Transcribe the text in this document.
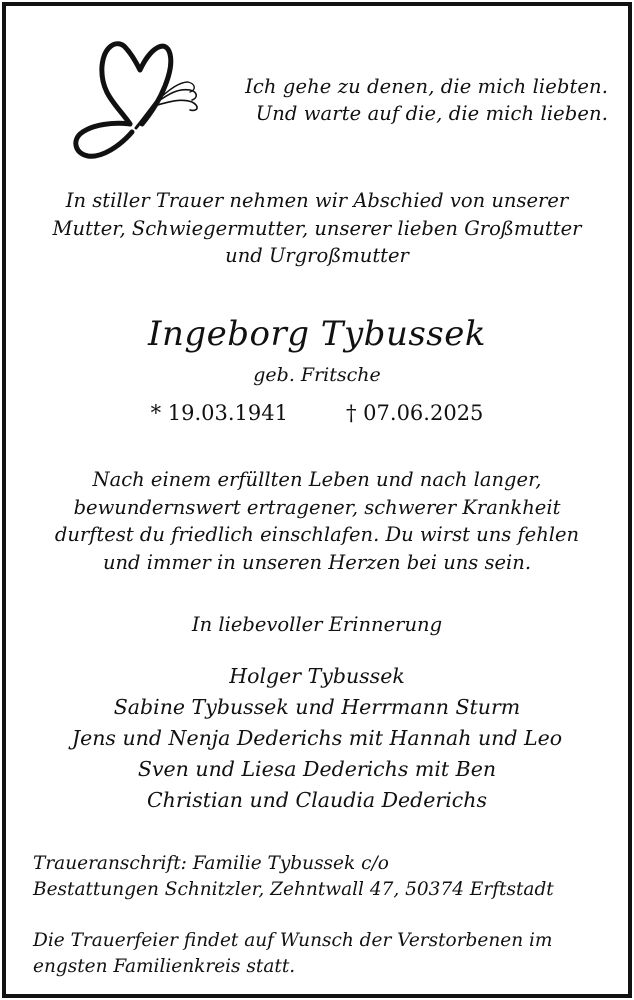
Ich gehe zu denen, die mich liebten.
Und warte auf die, die mich lieben.
In stiller Trauer nehmen wir Abschied von unserer
Mutter, Schwiegermutter, unserer lieben Großmutter
und Urgroßmutter
Ingeborg Tybussek
geb. Fritsche
* 19.03.1941	† 07.06.2025
Nach einem erfüllten Leben und nach langer,
bewundernswert ertragener, schwerer Krankheit
durftest du friedlich einschlafen. Du wirst uns fehlen
und immer in unseren Herzen bei uns sein.
In liebevoller Erinnerung
Holger Tybussek
Sabine Tybussek und Herrmann Sturm
Jens und Nenja Dederichs mit Hannah und Leo
Sven und Liesa Dederichs mit Ben
Christian und Claudia Dederichs
Traueranschrift: Familie Tybussek c/o
Bestattungen Schnitzler, Zehntwall 47, 50374 Erftstadt
Die Trauerfeier findet auf Wunsch der Verstorbenen im
engsten Familienkreis statt.
